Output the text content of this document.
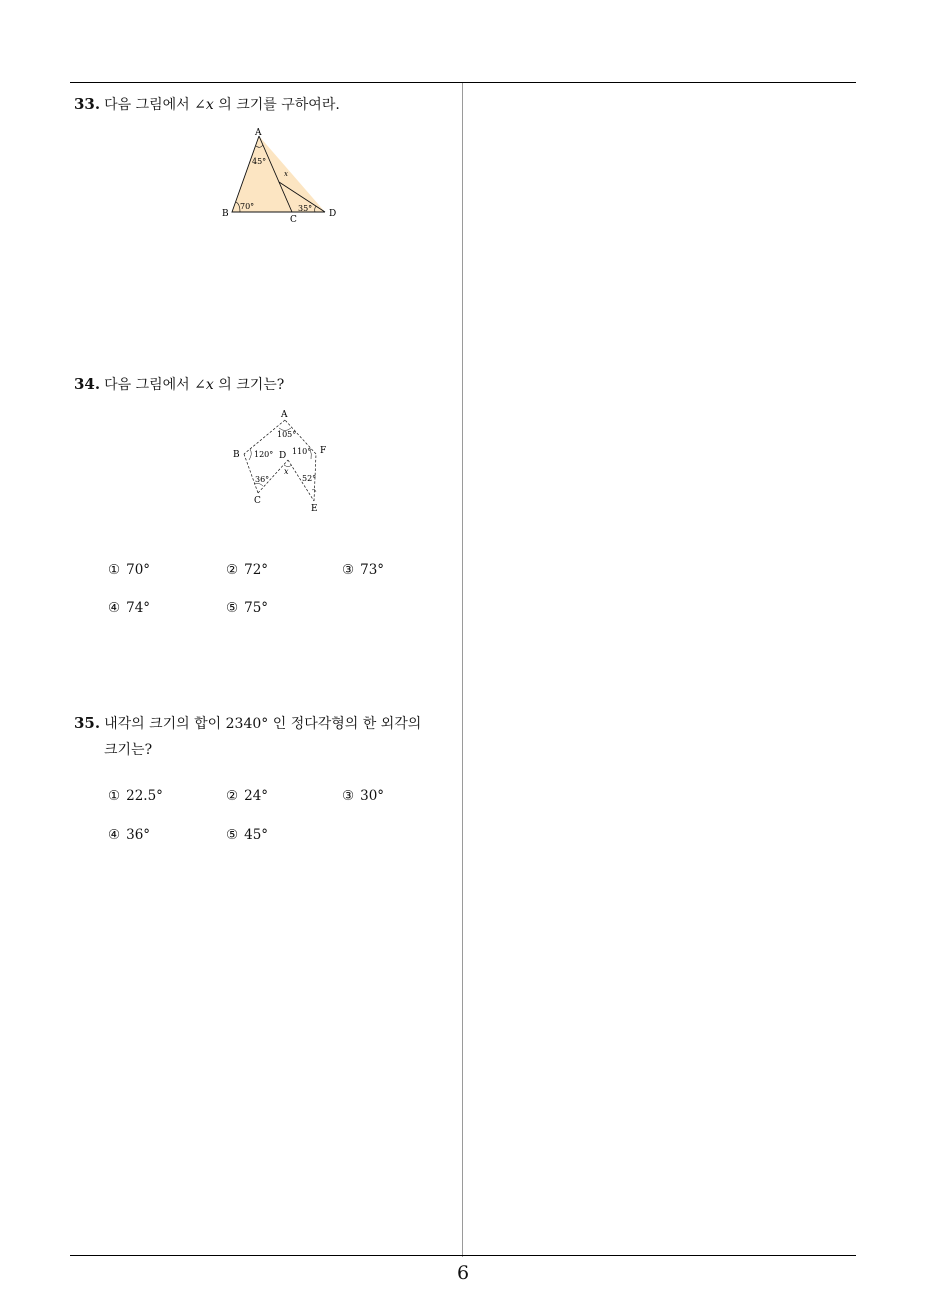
33. 다음 그림에서 ∠x 의 크기를 구하여라.
A
B
C
D
x
45°
70°	35°
34. 다음 그림에서 ∠x 의 크기는?
A
B
C
D
E
F
x
105°
120°
36°
110°
52°
① 70°	② 72°	③ 73°
④ 74°	⑤ 75°
35. 내각의 크기의 합이 2340° 인 정다각형의 한 외각의
크기는?
① 22.5°	② 24°	③ 30°
④ 36°	⑤ 45°
6
